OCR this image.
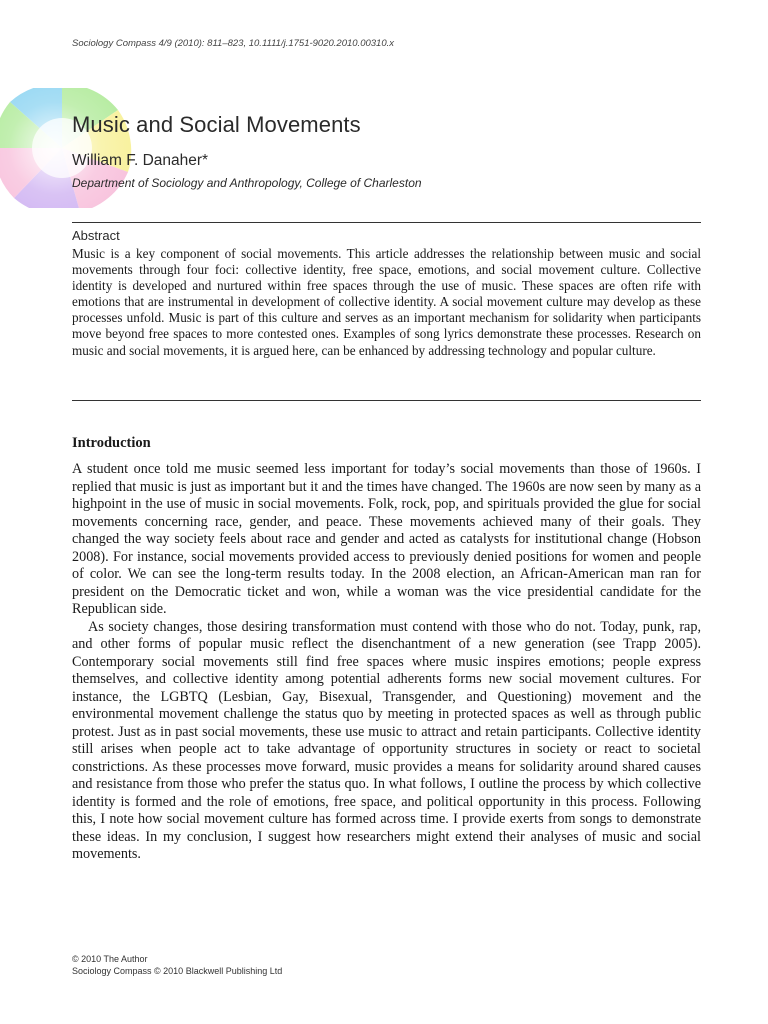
Sociology Compass 4/9 (2010): 811–823, 10.1111/j.1751-9020.2010.00310.x
Music and Social Movements
William F. Danaher*
Department of Sociology and Anthropology, College of Charleston
Abstract

Music is a key component of social movements. This article addresses the relationship between music and social movements through four foci: collective identity, free space, emotions, and social movement culture. Collective identity is developed and nurtured within free spaces through the use of music. These spaces are often rife with emotions that are instrumental in development of collective identity. A social movement culture may develop as these processes unfold. Music is part of this culture and serves as an important mechanism for solidarity when participants move beyond free spaces to more contested ones. Examples of song lyrics demonstrate these processes. Research on music and social movements, it is argued here, can be enhanced by addressing technology and popular culture.

Introduction

A student once told me music seemed less important for today’s social movements than those of 1960s. I replied that music is just as important but it and the times have changed. The 1960s are now seen by many as a highpoint in the use of music in social movements. Folk, rock, pop, and spirituals provided the glue for social movements concerning race, gender, and peace. These movements achieved many of their goals. They changed the way society feels about race and gender and acted as catalysts for institutional change (Hobson 2008). For instance, social movements provided access to previously denied positions for women and people of color. We can see the long-term results today. In the 2008 election, an African-American man ran for president on the Democratic ticket and won, while a woman was the vice presidential candidate for the Republican side.

As society changes, those desiring transformation must contend with those who do not. Today, punk, rap, and other forms of popular music reflect the disenchantment of a new generation (see Trapp 2005). Contemporary social movements still find free spaces where music inspires emotions; people express themselves, and collective identity among potential adherents forms new social movement cultures. For instance, the LGBTQ (Lesbian, Gay, Bisexual, Transgender, and Questioning) movement and the environmental movement challenge the status quo by meeting in protected spaces as well as through public protest. Just as in past social movements, these use music to attract and retain participants. Collective identity still arises when people act to take advantage of opportunity structures in society or react to societal constrictions. As these processes move forward, music provides a means for solidarity around shared causes and resistance from those who prefer the status quo. In what follows, I outline the process by which collective identity is formed and the role of emotions, free space, and political opportunity in this process. Following this, I note how social movement culture has formed across time. I provide exerts from songs to demonstrate these ideas. In my conclusion, I suggest how researchers might extend their analyses of music and social movements.

© 2010 The Author
Sociology Compass © 2010 Blackwell Publishing Ltd
